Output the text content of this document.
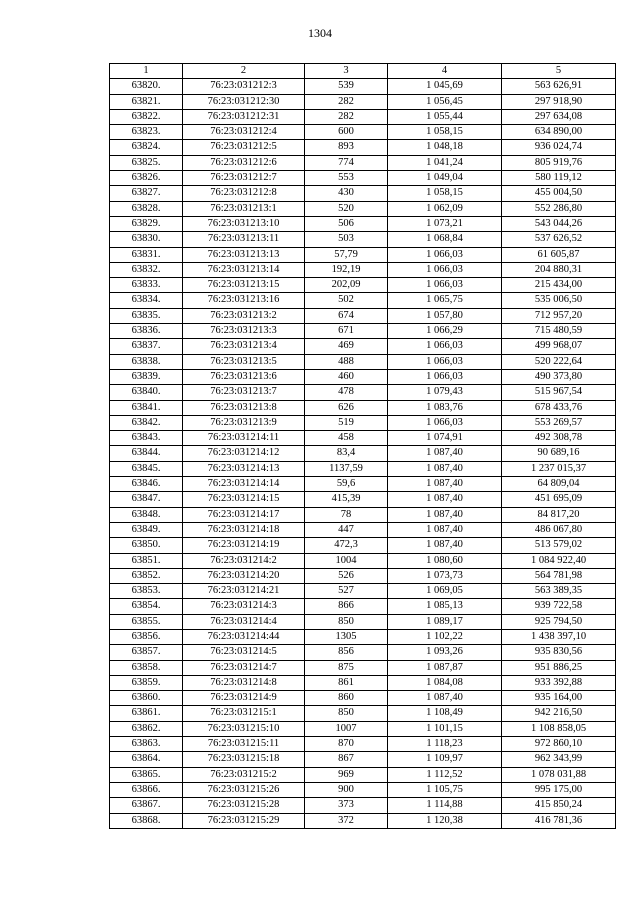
1304
1	2	3	4	5
63820.	76:23:031212:3	539	1 045,69	563 626,91
63821.	76:23:031212:30	282	1 056,45	297 918,90
63822.	76:23:031212:31	282	1 055,44	297 634,08
63823.	76:23:031212:4	600	1 058,15	634 890,00
63824.	76:23:031212:5	893	1 048,18	936 024,74
63825.	76:23:031212:6	774	1 041,24	805 919,76
63826.	76:23:031212:7	553	1 049,04	580 119,12
63827.	76:23:031212:8	430	1 058,15	455 004,50
63828.	76:23:031213:1	520	1 062,09	552 286,80
63829.	76:23:031213:10	506	1 073,21	543 044,26
63830.	76:23:031213:11	503	1 068,84	537 626,52
63831.	76:23:031213:13	57,79	1 066,03	61 605,87
63832.	76:23:031213:14	192,19	1 066,03	204 880,31
63833.	76:23:031213:15	202,09	1 066,03	215 434,00
63834.	76:23:031213:16	502	1 065,75	535 006,50
63835.	76:23:031213:2	674	1 057,80	712 957,20
63836.	76:23:031213:3	671	1 066,29	715 480,59
63837.	76:23:031213:4	469	1 066,03	499 968,07
63838.	76:23:031213:5	488	1 066,03	520 222,64
63839.	76:23:031213:6	460	1 066,03	490 373,80
63840.	76:23:031213:7	478	1 079,43	515 967,54
63841.	76:23:031213:8	626	1 083,76	678 433,76
63842.	76:23:031213:9	519	1 066,03	553 269,57
63843.	76:23:031214:11	458	1 074,91	492 308,78
63844.	76:23:031214:12	83,4	1 087,40	90 689,16
63845.	76:23:031214:13	1137,59	1 087,40	1 237 015,37
63846.	76:23:031214:14	59,6	1 087,40	64 809,04
63847.	76:23:031214:15	415,39	1 087,40	451 695,09
63848.	76:23:031214:17	78	1 087,40	84 817,20
63849.	76:23:031214:18	447	1 087,40	486 067,80
63850.	76:23:031214:19	472,3	1 087,40	513 579,02
63851.	76:23:031214:2	1004	1 080,60	1 084 922,40
63852.	76:23:031214:20	526	1 073,73	564 781,98
63853.	76:23:031214:21	527	1 069,05	563 389,35
63854.	76:23:031214:3	866	1 085,13	939 722,58
63855.	76:23:031214:4	850	1 089,17	925 794,50
63856.	76:23:031214:44	1305	1 102,22	1 438 397,10
63857.	76:23:031214:5	856	1 093,26	935 830,56
63858.	76:23:031214:7	875	1 087,87	951 886,25
63859.	76:23:031214:8	861	1 084,08	933 392,88
63860.	76:23:031214:9	860	1 087,40	935 164,00
63861.	76:23:031215:1	850	1 108,49	942 216,50
63862.	76:23:031215:10	1007	1 101,15	1 108 858,05
63863.	76:23:031215:11	870	1 118,23	972 860,10
63864.	76:23:031215:18	867	1 109,97	962 343,99
63865.	76:23:031215:2	969	1 112,52	1 078 031,88
63866.	76:23:031215:26	900	1 105,75	995 175,00
63867.	76:23:031215:28	373	1 114,88	415 850,24
63868.	76:23:031215:29	372	1 120,38	416 781,36
